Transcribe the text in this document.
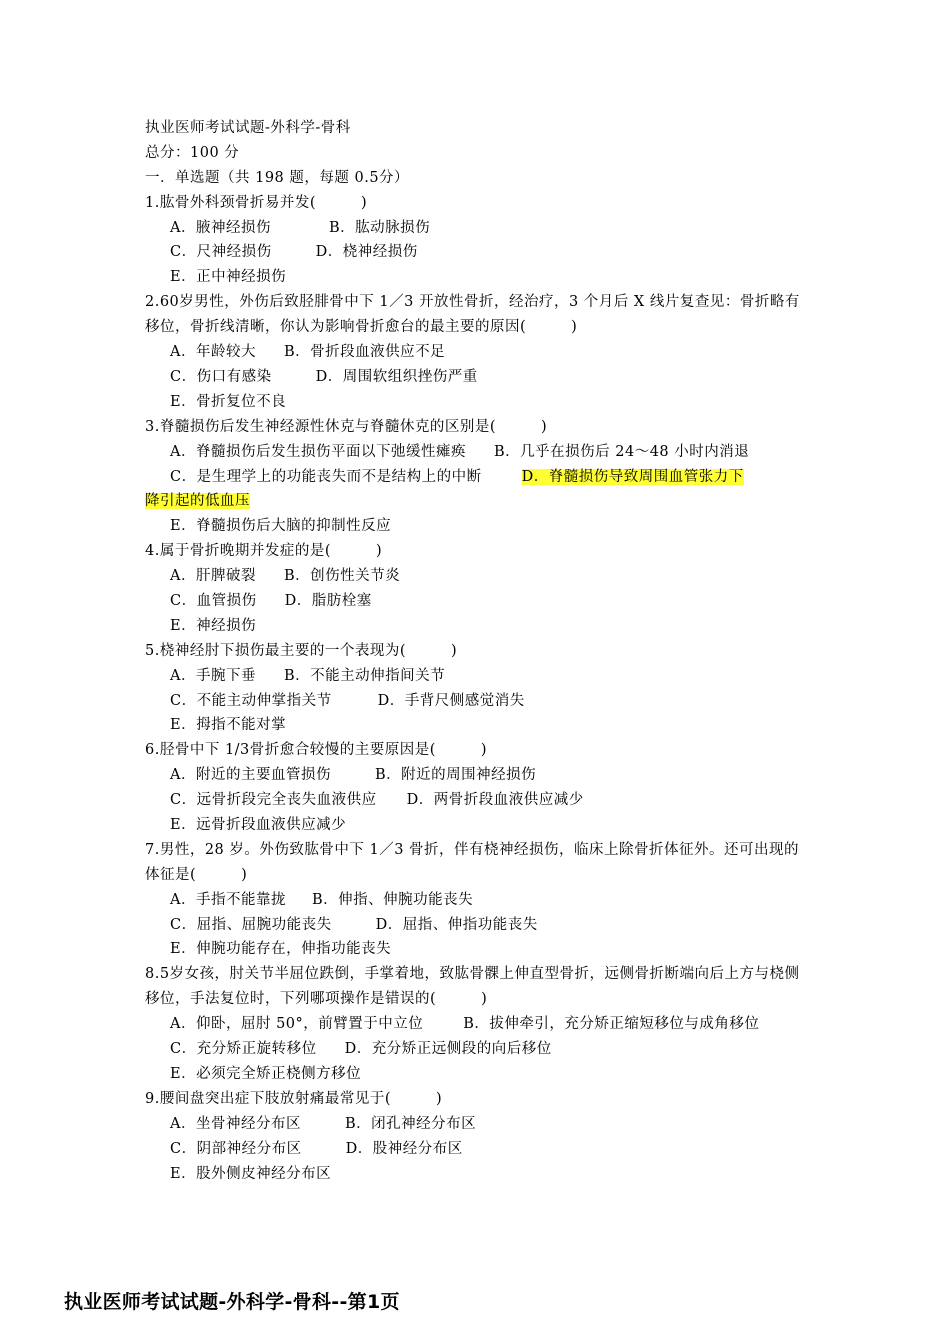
执业医师考试试题-外科学-骨科
总分：100 分
一．单选题（共 198 题，每题 0.5分）
1.肱骨外科颈骨折易并发(　　　)
A．腋神经损伤	B．肱动脉损伤
C．尺神经损伤	D．桡神经损伤
E．正中神经损伤
2.60岁男性，外伤后致胫腓骨中下 1／3 开放性骨折，经治疗，3 个月后 X 线片复查见：骨折略有移位，骨折线清晰，你认为影响骨折愈台的最主要的原因(　　　)
A．年龄较大 B．骨折段血液供应不足
C．伤口有感染	D．周围软组织挫伤严重
E．骨折复位不良
3.脊髓损伤后发生神经源性休克与脊髓休克的区别是(　　　)
A．脊髓损伤后发生损伤平面以下弛缓性瘫痪 B．几乎在损伤后 24～48 小时内消退
C．是生理学上的功能丧失而不是结构上的中断	D．脊髓损伤导致周围血管张力下
降引起的低血压
E．脊髓损伤后大脑的抑制性反应
4.属于骨折晚期并发症的是(　　　)
A．肝脾破裂 B．创伤性关节炎
C．血管损伤 D．脂肪栓塞
E．神经损伤
5.桡神经肘下损伤最主要的一个表现为(　　　)
A．手腕下垂 B．不能主动伸指间关节
C．不能主动伸掌指关节	D．手背尺侧感觉消失
E．拇指不能对掌
6.胫骨中下 1/3骨折愈合较慢的主要原因是(　　　)
A．附近的主要血管损伤	B．附近的周围神经损伤
C．远骨折段完全丧失血液供应 D．两骨折段血液供应减少
E．远骨折段血液供应减少
7.男性，28 岁。外伤致肱骨中下 1／3 骨折，伴有桡神经损伤，临床上除骨折体征外。还可出现的体征是(　　　)
A．手指不能靠拢 B．伸指、伸腕功能丧失
C．屈指、屈腕功能丧失	D．屈指、伸指功能丧失
E．伸腕功能存在，伸指功能丧失
8.5岁女孩，肘关节半屈位跌倒，手掌着地，致肱骨髁上伸直型骨折，远侧骨折断端向后上方与桡侧移位，手法复位时，下列哪项操作是错误的(　　　)
A．仰卧，屈肘 50°，前臂置于中立位	B．拔伸牵引，充分矫正缩短移位与成角移位
C．充分矫正旋转移位 D．充分矫正远侧段的向后移位
E．必须完全矫正桡侧方移位
9.腰间盘突出症下肢放射痛最常见于(　　　)
A．坐骨神经分布区	B．闭孔神经分布区
C．阴部神经分布区	D．股神经分布区
E．股外侧皮神经分布区
执业医师考试试题-外科学-骨科--第1页
